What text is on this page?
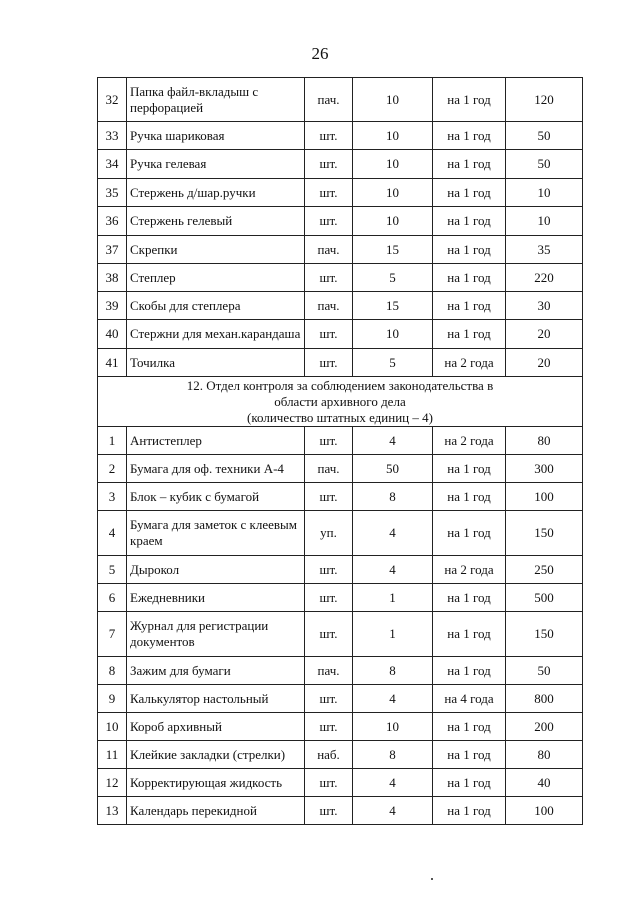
26
32	Папка файл-вкладыш с перфорацией	пач.	10	на 1 год	120
33	Ручка шариковая	шт.	10	на 1 год	50
34	Ручка гелевая	шт.	10	на 1 год	50
35	Стержень д/шар.ручки	шт.	10	на 1 год	10
36	Стержень гелевый	шт.	10	на 1 год	10
37	Скрепки	пач.	15	на 1 год	35
38	Степлер	шт.	5	на 1 год	220
39	Скобы для степлера	пач.	15	на 1 год	30
40	Стержни для механ.карандаша	шт.	10	на 1 год	20
41	Точилка	шт.	5	на 2 года	20

12. Отдел контроля за соблюдением законодательства в
области архивного дела
(количество штатных единиц – 4)					

1	Антистеплер	шт.	4	на 2 года	80
2	Бумага для оф. техники А-4	пач.	50	на 1 год	300
3	Блок – кубик с бумагой	шт.	8	на 1 год	100
4	Бумага для заметок с клеевым краем	уп.	4	на 1 год	150
5	Дырокол	шт.	4	на 2 года	250
6	Ежедневники	шт.	1	на 1 год	500
7	Журнал для регистрации документов	шт.	1	на 1 год	150
8	Зажим для бумаги	пач.	8	на 1 год	50
9	Калькулятор настольный	шт.	4	на 4 года	800
10	Короб архивный	шт.	10	на 1 год	200
11	Клейкие закладки (стрелки)	наб.	8	на 1 год	80
12	Корректирующая жидкость	шт.	4	на 1 год	40
13	Календарь перекидной	шт.	4	на 1 год	100
